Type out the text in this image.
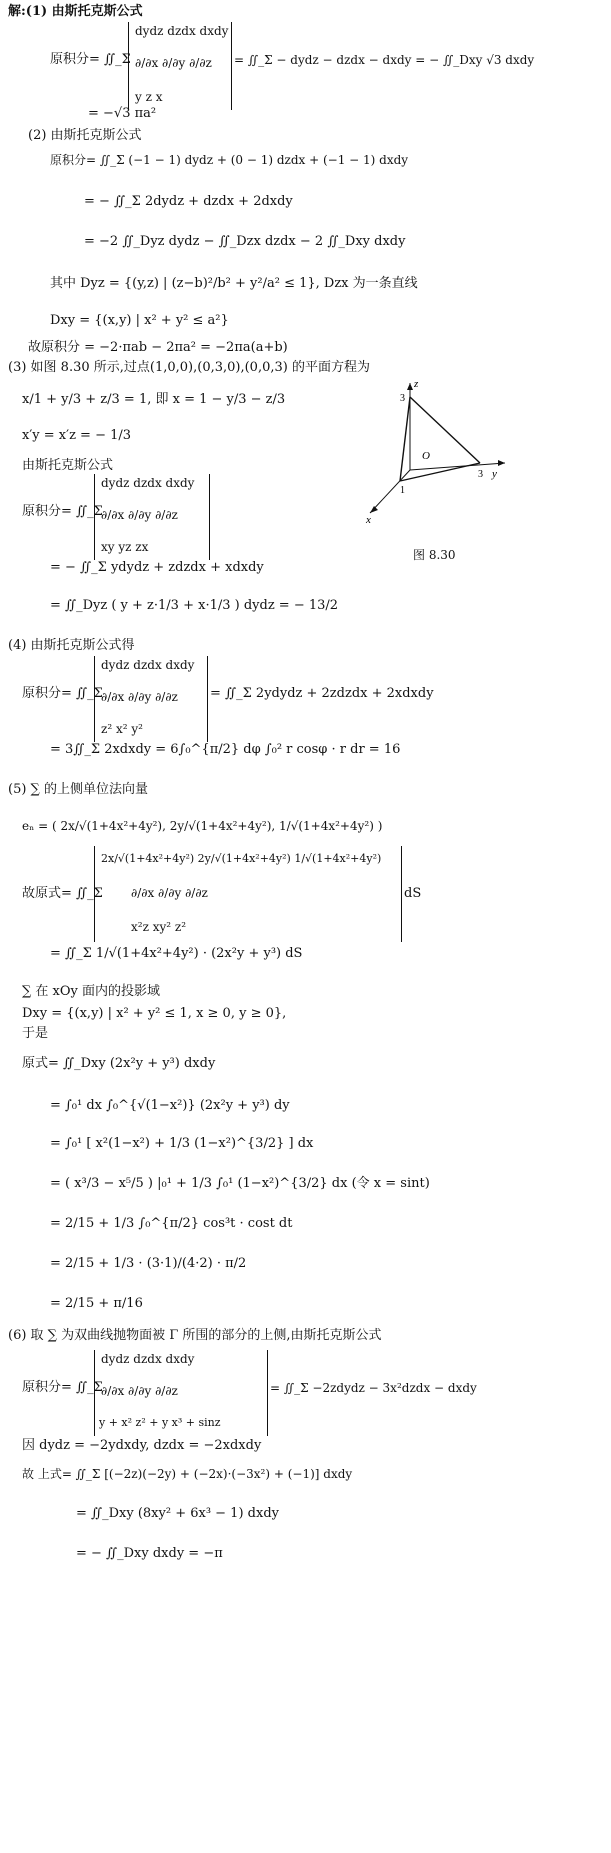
解:(1) 由斯托克斯公式
原积分= ∬_Σ
dydz dzdx dxdy
∂/∂x ∂/∂y ∂/∂z
y z x
= ∬_Σ − dydz − dzdx − dxdy = − ∬_Dxy √3 dxdy
= −√3 πa²
(2) 由斯托克斯公式
原积分= ∬_Σ (−1 − 1) dydz + (0 − 1) dzdx + (−1 − 1) dxdy
= − ∬_Σ 2dydz + dzdx + 2dxdy
= −2 ∬_Dyz dydz − ∬_Dzx dzdx − 2 ∬_Dxy dxdy
其中 Dyz = {(y,z) | (z−b)²/b² + y²/a² ≤ 1}, Dzx 为一条直线
Dxy = {(x,y) | x² + y² ≤ a²}
故原积分 = −2·πab − 2πa² = −2πa(a+b)
(3) 如图 8.30 所示,过点(1,0,0),(0,3,0),(0,0,3) 的平面方程为
x/1 + y/3 + z/3 = 1, 即 x = 1 − y/3 − z/3
x′y = x′z = − 1/3
由斯托克斯公式
原积分= ∬_Σ
dydz dzdx dxdy
∂/∂x ∂/∂y ∂/∂z
xy yz zx
= − ∬_Σ ydydz + zdzdx + xdxdy
= ∬_Dyz ( y + z·1/3 + x·1/3 ) dydz = − 13/2
z
3
O
3 y
1
x
图 8.30
(4) 由斯托克斯公式得
原积分= ∬_Σ
dydz dzdx dxdy
∂/∂x ∂/∂y ∂/∂z
z² x² y²
= ∬_Σ 2ydydz + 2zdzdx + 2xdxdy
= 3∬_Σ 2xdxdy = 6∫₀^{π/2} dφ ∫₀² r cosφ · r dr = 16
(5) ∑ 的上侧单位法向量
eₙ = ( 2x/√(1+4x²+4y²), 2y/√(1+4x²+4y²), 1/√(1+4x²+4y²) )
故原式= ∬_Σ
2x/√(1+4x²+4y²) 2y/√(1+4x²+4y²) 1/√(1+4x²+4y²)
∂/∂x ∂/∂y ∂/∂z
x²z xy² z²
dS
= ∬_Σ 1/√(1+4x²+4y²) · (2x²y + y³) dS
∑ 在 xOy 面内的投影域
Dxy = {(x,y) | x² + y² ≤ 1, x ≥ 0, y ≥ 0},
于是
原式= ∬_Dxy (2x²y + y³) dxdy
= ∫₀¹ dx ∫₀^{√(1−x²)} (2x²y + y³) dy
= ∫₀¹ [ x²(1−x²) + 1/3 (1−x²)^{3/2} ] dx
= ( x³/3 − x⁵/5 ) |₀¹ + 1/3 ∫₀¹ (1−x²)^{3/2} dx (令 x = sint)
= 2/15 + 1/3 ∫₀^{π/2} cos³t · cost dt
= 2/15 + 1/3 · (3·1)/(4·2) · π/2
= 2/15 + π/16
(6) 取 ∑ 为双曲线抛物面被 Γ 所围的部分的上侧,由斯托克斯公式
原积分= ∬_Σ
dydz dzdx dxdy
∂/∂x ∂/∂y ∂/∂z
y + x² z² + y x³ + sinz
= ∬_Σ −2zdydz − 3x²dzdx − dxdy
因 dydz = −2ydxdy, dzdx = −2xdxdy
故 上式= ∬_Σ [(−2z)(−2y) + (−2x)·(−3x²) + (−1)] dxdy
= ∬_Dxy (8xy² + 6x³ − 1) dxdy
= − ∬_Dxy dxdy = −π
